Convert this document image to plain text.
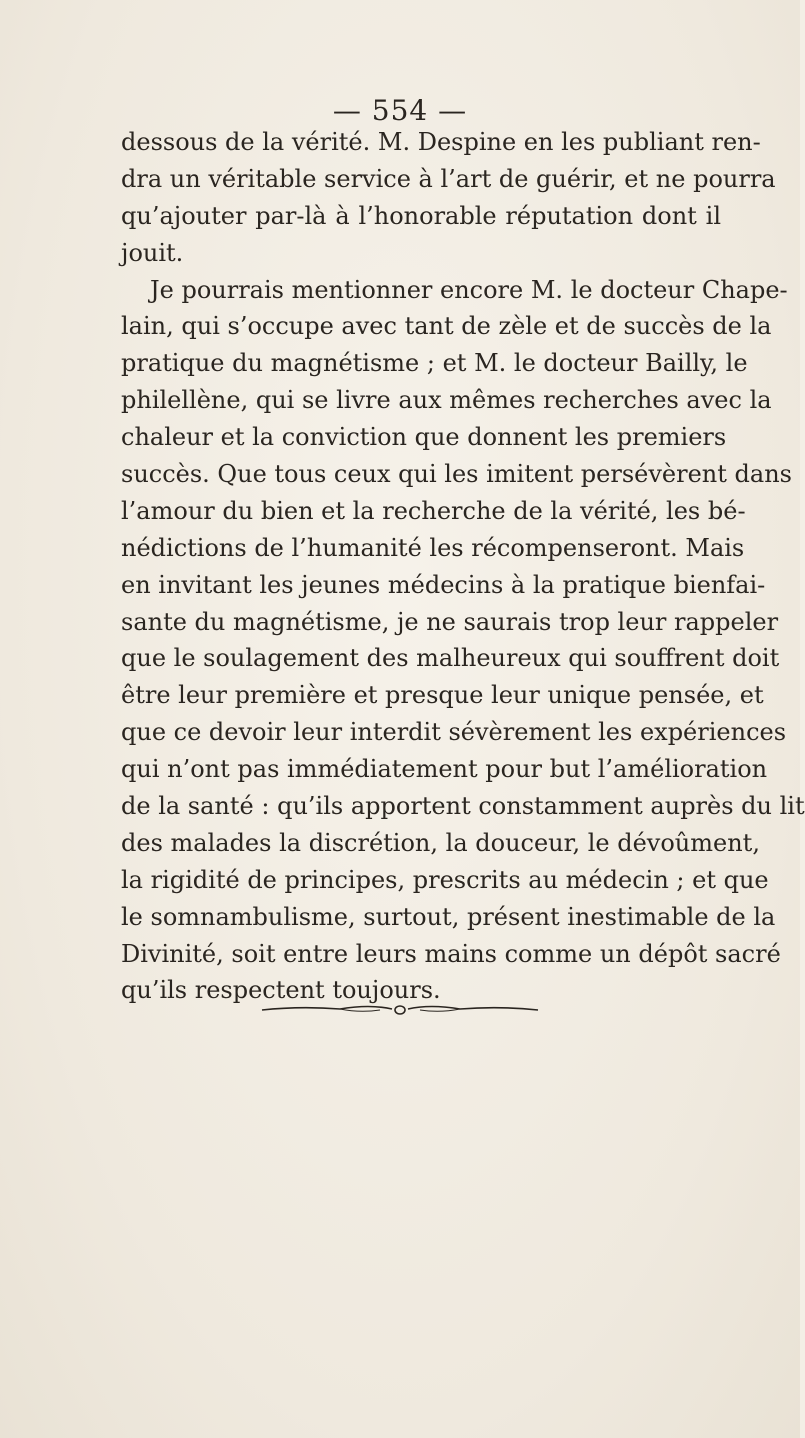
— 554 —
dessous de la vérité. M. Despine en les publiant ren-
dra un véritable service à l’art de guérir, et ne pourra
qu’ajouter par-là à l’honorable réputation dont il
jouit.
Je pourrais mentionner encore M. le docteur Chape-
lain, qui s’occupe avec tant de zèle et de succès de la
pratique du magnétisme ; et M. le docteur Bailly, le
philellène, qui se livre aux mêmes recherches avec la
chaleur et la conviction que donnent les premiers
succès. Que tous ceux qui les imitent persévèrent dans
l’amour du bien et la recherche de la vérité, les bé-
nédictions de l’humanité les récompenseront. Mais
en invitant les jeunes médecins à la pratique bienfai-
sante du magnétisme, je ne saurais trop leur rappeler
que le soulagement des malheureux qui souffrent doit
être leur première et presque leur unique pensée, et
que ce devoir leur interdit sévèrement les expériences
qui n’ont pas immédiatement pour but l’amélioration
de la santé : qu’ils apportent constamment auprès du lit
des malades la discrétion, la douceur, le dévoûment,
la rigidité de principes, prescrits au médecin ; et que
le somnambulisme, surtout, présent inestimable de la
Divinité, soit entre leurs mains comme un dépôt sacré
qu’ils respectent toujours.
